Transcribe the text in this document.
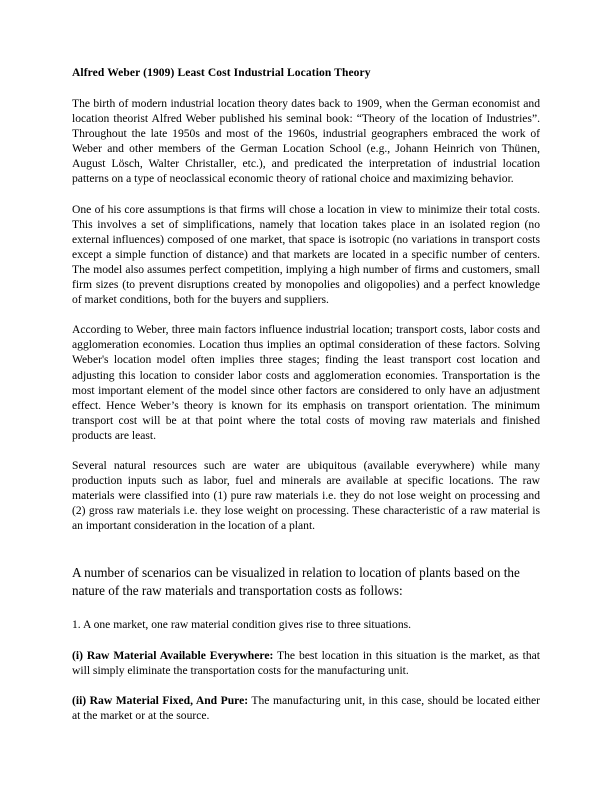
Alfred Weber (1909) Least Cost Industrial Location Theory

The birth of modern industrial location theory dates back to 1909, when the German economist and location theorist Alfred Weber published his seminal book: “Theory of the location of Industries”. Throughout the late 1950s and most of the 1960s, industrial geographers embraced the work of Weber and other members of the German Location School (e.g., Johann Heinrich von Thünen, August Lösch, Walter Christaller, etc.), and predicated the interpretation of industrial location patterns on a type of neoclassical economic theory of rational choice and maximizing behavior.

One of his core assumptions is that firms will chose a location in view to minimize their total costs. This involves a set of simplifications, namely that location takes place in an isolated region (no external influences) composed of one market, that space is isotropic (no variations in transport costs except a simple function of distance) and that markets are located in a specific number of centers. The model also assumes perfect competition, implying a high number of firms and customers, small firm sizes (to prevent disruptions created by monopolies and oligopolies) and a perfect knowledge of market conditions, both for the buyers and suppliers.

According to Weber, three main factors influence industrial location; transport costs, labor costs and agglomeration economies. Location thus implies an optimal consideration of these factors. Solving Weber's location model often implies three stages; finding the least transport cost location and adjusting this location to consider labor costs and agglomeration economies. Transportation is the most important element of the model since other factors are considered to only have an adjustment effect. Hence Weber’s theory is known for its emphasis on transport orientation. The minimum transport cost will be at that point where the total costs of moving raw materials and finished products are least.

Several natural resources such are water are ubiquitous (available everywhere) while many production inputs such as labor, fuel and minerals are available at specific locations. The raw materials were classified into (1) pure raw materials i.e. they do not lose weight on processing and (2) gross raw materials i.e. they lose weight on processing. These characteristic of a raw material is an important consideration in the location of a plant.

A number of scenarios can be visualized in relation to location of plants based on the nature of the raw materials and transportation costs as follows:

1. A one market, one raw material condition gives rise to three situations.

(i) Raw Material Available Everywhere: The best location in this situation is the market, as that will simply eliminate the transportation costs for the manufacturing unit.

(ii) Raw Material Fixed, And Pure: The manufacturing unit, in this case, should be located either at the market or at the source.
